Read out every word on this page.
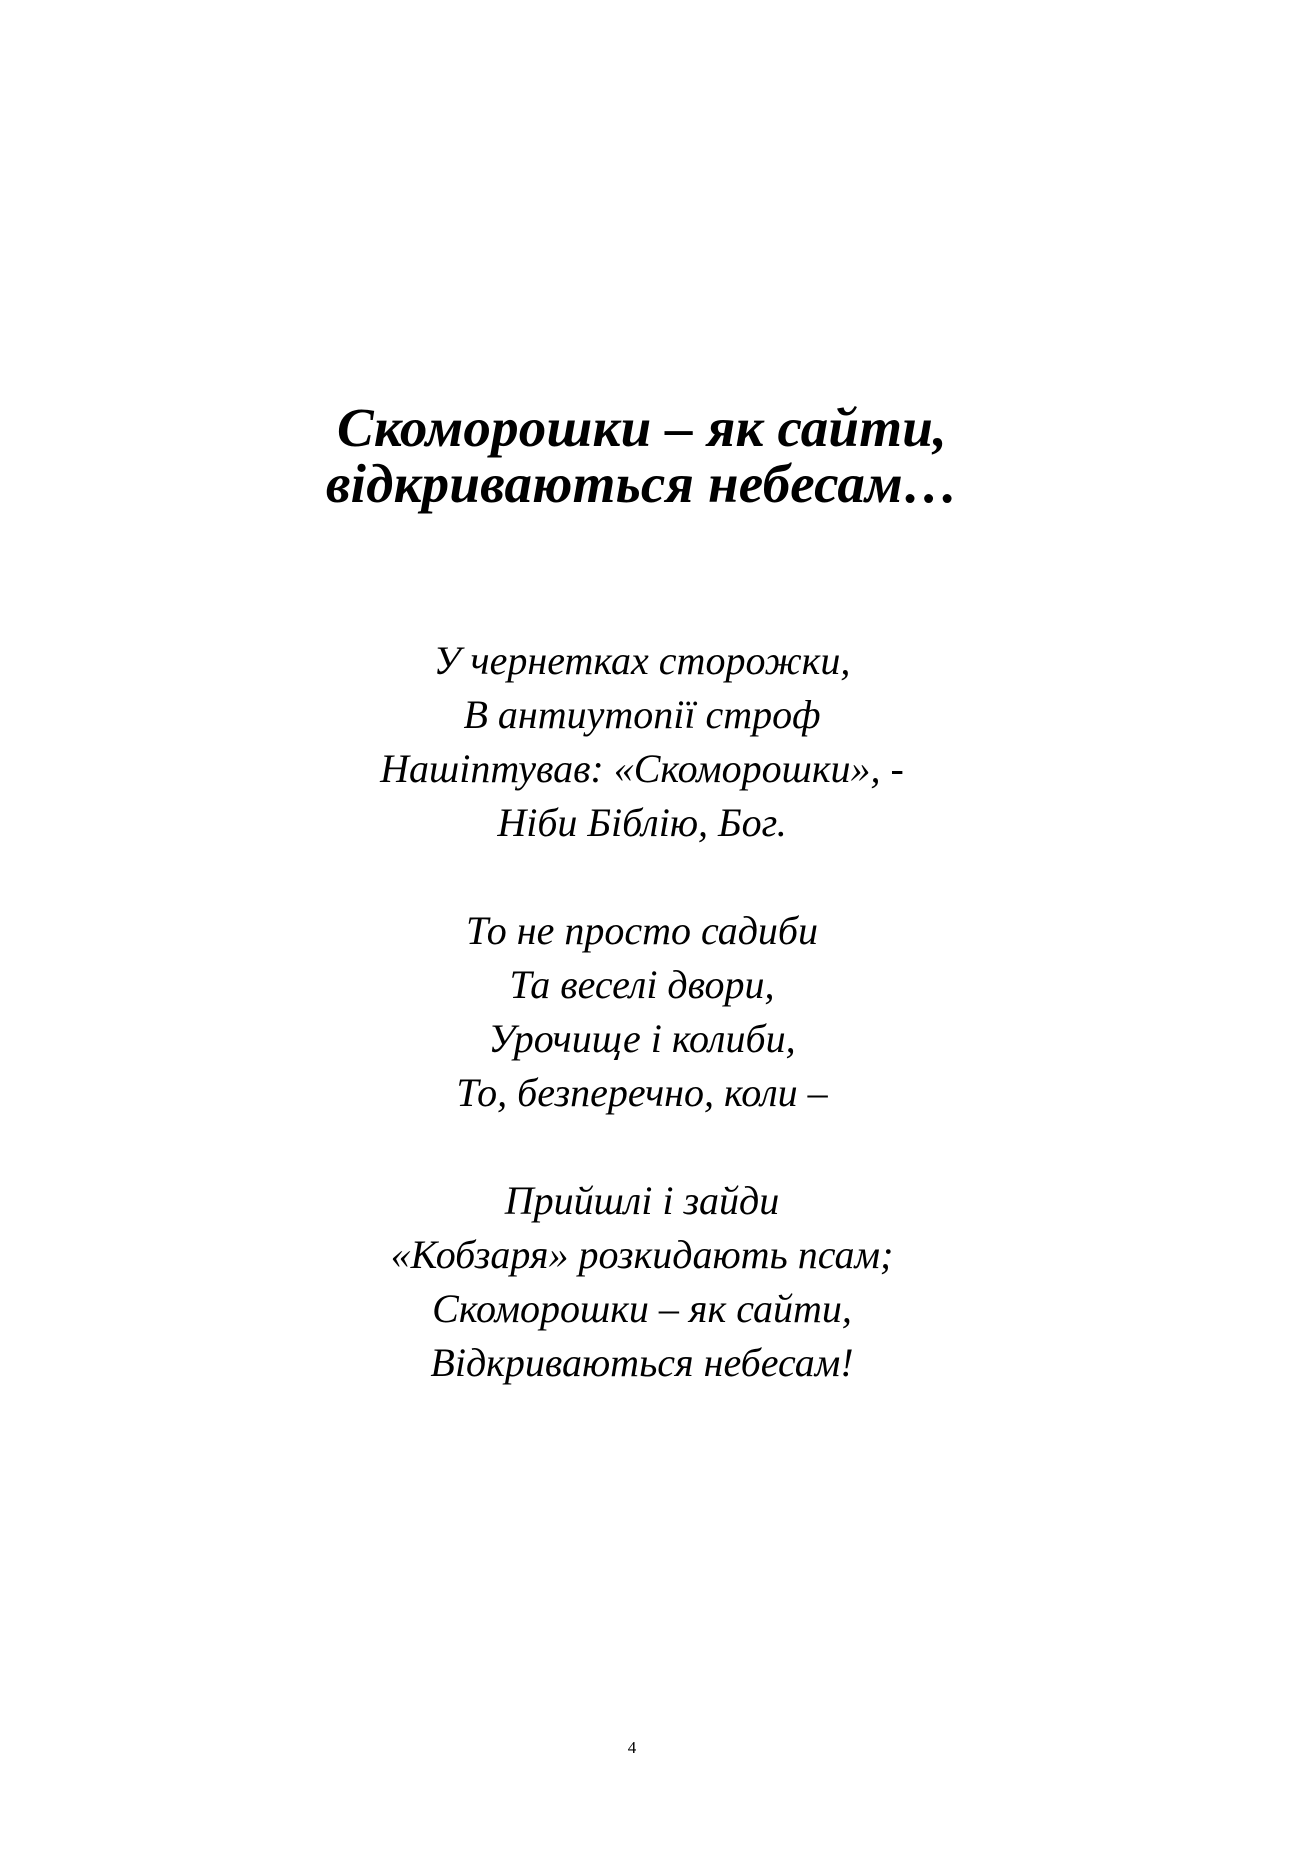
Скоморошки – як сайти,
відкриваються небесам…
У чернетках сторожки,
В антиутопії строф
Нашіптував: «Скоморошки», -
Ніби Біблію, Бог.
То не просто садиби
Та веселі двори,
Урочище і колиби,
То, безперечно, коли –
Прийшлі і зайди
«Кобзаря» розкидають псам;
Скоморошки – як сайти,
Відкриваються небесам!
4
